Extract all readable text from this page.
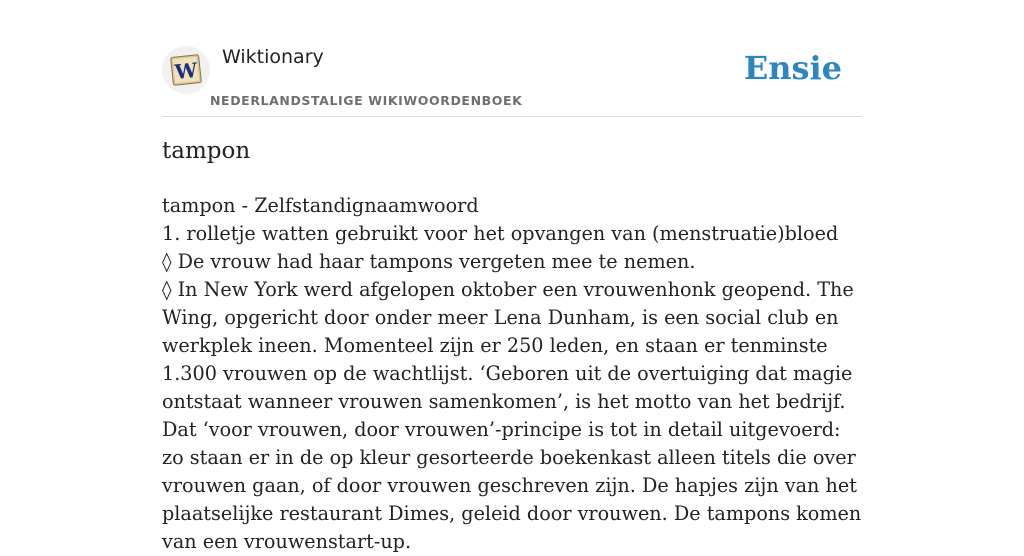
W
Wiktionary
NEDERLANDSTALIGE WIKIWOORDENBOEK
Ensie
tampon
tampon - Zelfstandignaamwoord
1. rolletje watten gebruikt voor het opvangen van (menstruatie)bloed
◊ De vrouw had haar tampons vergeten mee te nemen.
◊ In New York werd afgelopen oktober een vrouwenhonk geopend. The Wing, opgericht door onder meer Lena Dunham, is een social club en werkplek ineen. Momenteel zijn er 250 leden, en staan er tenminste 1.300 vrouwen op de wachtlijst. ‘Geboren uit de overtuiging dat magie ontstaat wanneer vrouwen samenkomen’, is het motto van het bedrijf. Dat ‘voor vrouwen, door vrouwen’-principe is tot in detail uitgevoerd: zo staan er in de op kleur gesorteerde boekenkast alleen titels die over vrouwen gaan, of door vrouwen geschreven zijn. De hapjes zijn van het plaatselijke restaurant Dimes, geleid door vrouwen. De tampons komen van een vrouwenstart-up.
